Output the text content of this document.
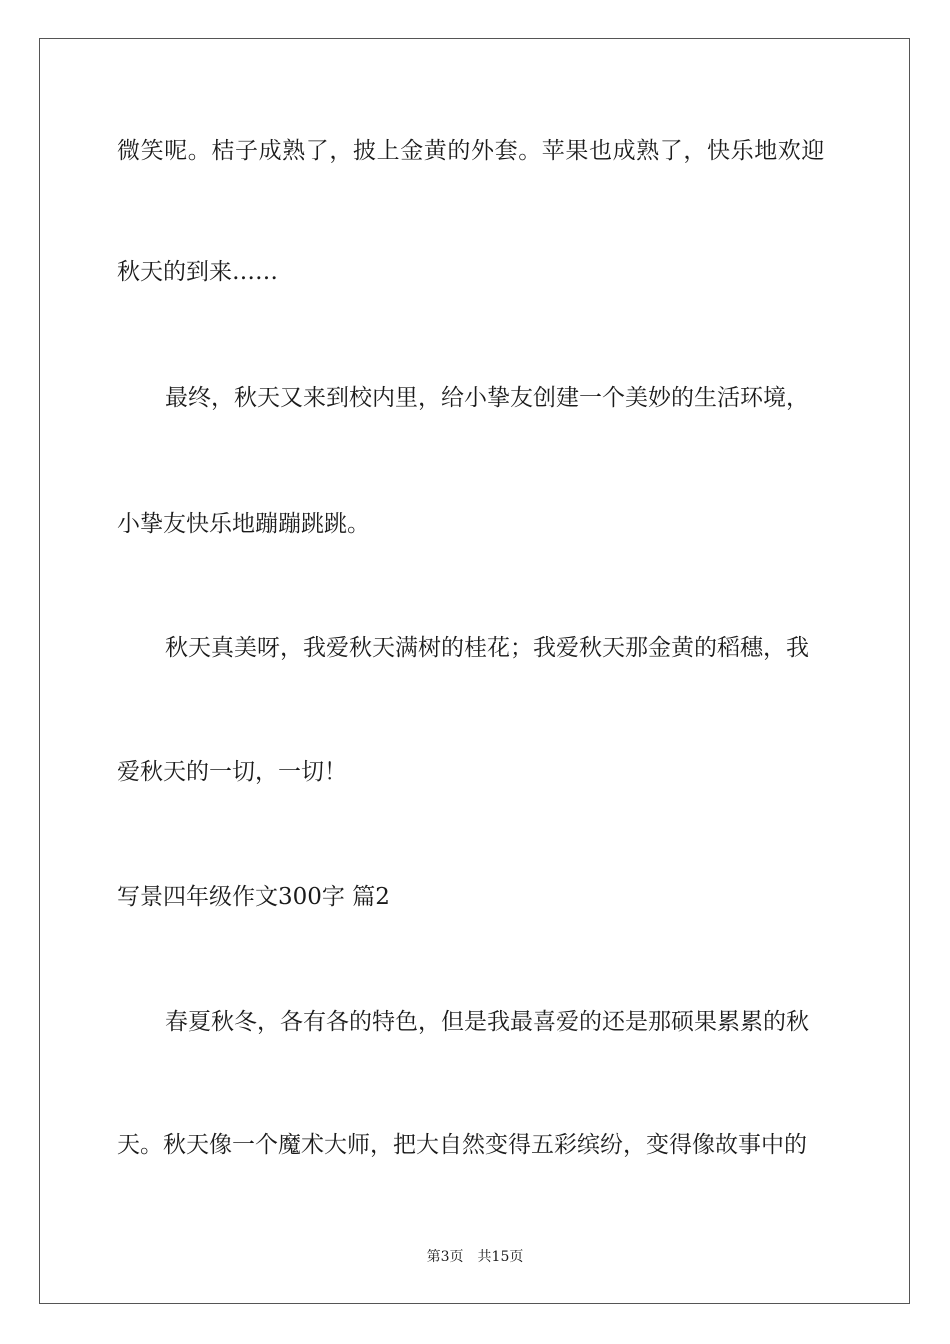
微笑呢。桔子成熟了，披上金黄的外套。苹果也成熟了，快乐地欢迎
秋天的到来……
最终，秋天又来到校内里，给小挚友创建一个美妙的生活环境，
小挚友快乐地蹦蹦跳跳。
秋天真美呀，我爱秋天满树的桂花；我爱秋天那金黄的稻穗，我
爱秋天的一切，一切！
写景四年级作文300字 篇2
春夏秋冬，各有各的特色，但是我最喜爱的还是那硕果累累的秋
天。秋天像一个魔术大师，把大自然变得五彩缤纷，变得像故事中的
第3页 共15页
